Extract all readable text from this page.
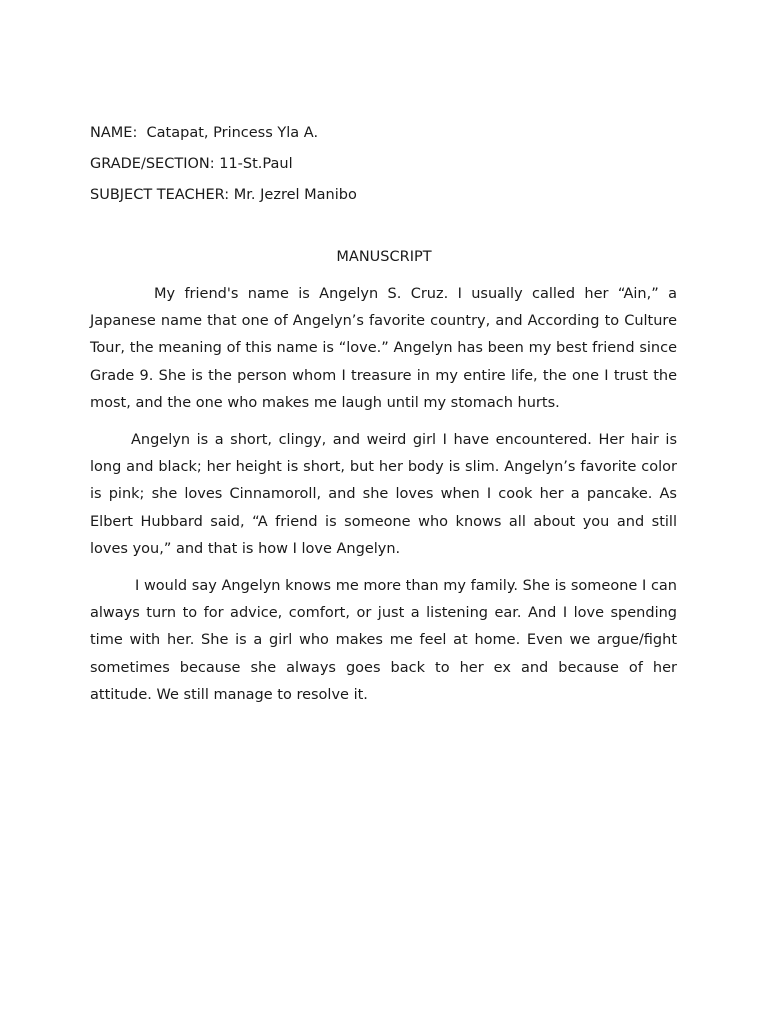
NAME:  Catapat, Princess Yla A.
GRADE/SECTION: 11-St.Paul
SUBJECT TEACHER: Mr. Jezrel Manibo
MANUSCRIPT

My friend's name is Angelyn S. Cruz. I usually called her “Ain,” a Japanese name that one of Angelyn’s favorite country, and According to Culture Tour, the meaning of this name is “love.” Angelyn has been my best friend since Grade 9. She is the person whom I treasure in my entire life, the one I trust the most, and the one who makes me laugh until my stomach hurts.

Angelyn is a short, clingy, and weird girl I have encountered. Her hair is long and black; her height is short, but her body is slim. Angelyn’s favorite color is pink; she loves Cinnamoroll, and she loves when I cook her a pancake. As Elbert Hubbard said, “A friend is someone who knows all about you and still loves you,” and that is how I love Angelyn.

I would say Angelyn knows me more than my family. She is someone I can always turn to for advice, comfort, or just a listening ear. And I love spending time with her. She is a girl who makes me feel at home. Even we argue/fight sometimes because she always goes back to her ex and because of her attitude. We still manage to resolve it.
